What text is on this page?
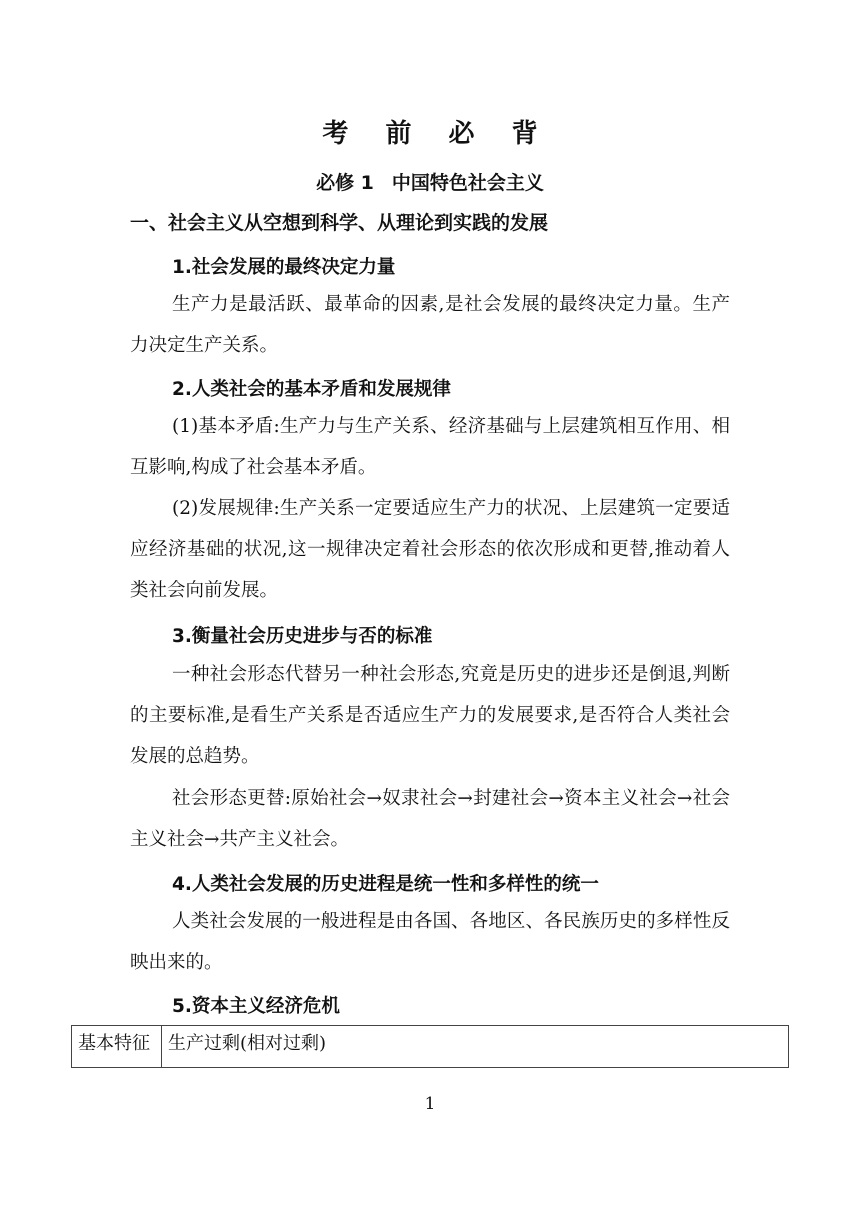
考 前 必 背
必修 1 中国特色社会主义
一、社会主义从空想到科学、从理论到实践的发展
1.社会发展的最终决定力量
生产力是最活跃、最革命的因素,是社会发展的最终决定力量。生产力决定生产关系。
2.人类社会的基本矛盾和发展规律
(1)基本矛盾:生产力与生产关系、经济基础与上层建筑相互作用、相互影响,构成了社会基本矛盾。
(2)发展规律:生产关系一定要适应生产力的状况、上层建筑一定要适应经济基础的状况,这一规律决定着社会形态的依次形成和更替,推动着人类社会向前发展。
3.衡量社会历史进步与否的标准
一种社会形态代替另一种社会形态,究竟是历史的进步还是倒退,判断的主要标准,是看生产关系是否适应生产力的发展要求,是否符合人类社会发展的总趋势。
社会形态更替:原始社会→奴隶社会→封建社会→资本主义社会→社会主义社会→共产主义社会。
4.人类社会发展的历史进程是统一性和多样性的统一
人类社会发展的一般进程是由各国、各地区、各民族历史的多样性反映出来的。
5.资本主义经济危机
基本特征	生产过剩(相对过剩)
1
